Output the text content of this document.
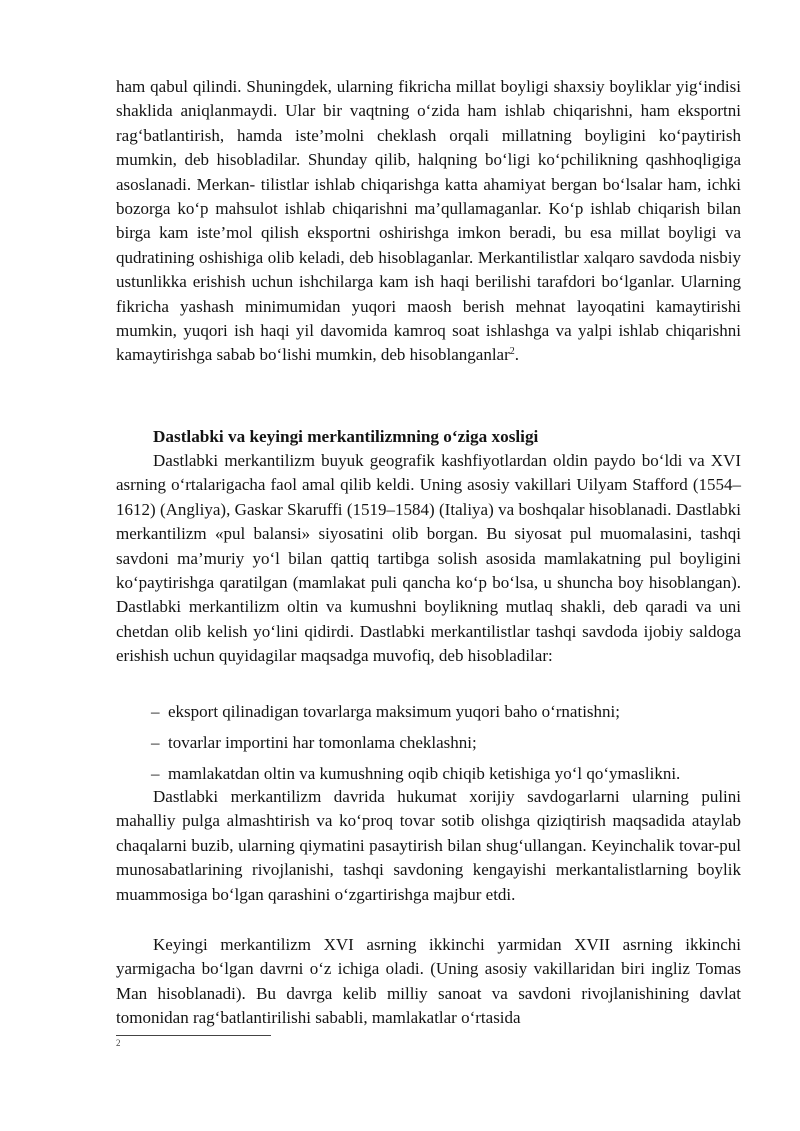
ham qabul qilindi. Shuningdek, ularning fikricha millat boyligi shaxsiy boyliklar yig‘indisi shaklida aniqlanmaydi. Ular bir vaqtning o‘zida ham ishlab chiqarishni, ham eksportni rag‘batlantirish, hamda iste’molni cheklash orqali millatning boyligini ko‘paytirish mumkin, deb hisobladilar. Shunday qilib, halqning bo‘ligi ko‘pchilikning qashhoqligiga asoslanadi. Merkan- tilistlar ishlab chiqarishga katta ahamiyat bergan bo‘lsalar ham, ichki bozorga ko‘p mahsulot ishlab chiqarishni ma’qullamaganlar. Ko‘p ishlab chiqarish bilan birga kam iste’mol qilish eksportni oshirishga imkon beradi, bu esa millat boyligi va qudratining oshishiga olib keladi, deb hisoblaganlar. Merkantilistlar xalqaro savdoda nisbiy ustunlikka erishish uchun ishchilarga kam ish haqi berilishi tarafdori bo‘lganlar. Ularning fikricha yashash minimumidan yuqori maosh berish mehnat layoqatini kamaytirishi mumkin, yuqori ish haqi yil davomida kamroq soat ishlashga va yalpi ishlab chiqarishni kamaytirishga sabab bo‘lishi mumkin, deb hisoblanganlar$^2$.

Dastlabki va keyingi merkantilizmning o‘ziga xosligi

Dastlabki merkantilizm buyuk geografik kashfiyotlardan oldin paydo bo‘ldi va XVI asrning o‘rtalarigacha faol amal qilib keldi. Uning asosiy vakillari Uilyam Stafford (1554–1612) (Angliya), Gaskar Skaruffi (1519–1584) (Italiya) va boshqalar hisoblanadi. Dastlabki merkantilizm «pul balansi» siyosatini olib borgan. Bu siyosat pul muomalasini, tashqi savdoni ma’muriy yo‘l bilan qattiq tartibga solish asosida mamlakatning pul boyligini ko‘paytirishga qaratilgan (mamlakat puli qancha ko‘p bo‘lsa, u shuncha boy hisoblangan). Dastlabki merkantilizm oltin va kumushni boylikning mutlaq shakli, deb qaradi va uni chetdan olib kelish yo‘lini qidirdi. Dastlabki merkantilistlar tashqi savdoda ijobiy saldoga erishish uchun quyidagilar maqsadga muvofiq, deb hisobladilar:

– eksport qilinadigan tovarlarga maksimum yuqori baho o‘rnatishni;
– tovarlar importini har tomonlama cheklashni;
– mamlakatdan oltin va kumushning oqib chiqib ketishiga yo‘l qo‘ymaslikni.

Dastlabki merkantilizm davrida hukumat xorijiy savdogarlarni ularning pulini mahalliy pulga almashtirish va ko‘proq tovar sotib olishga qiziqtirish maqsadida ataylab chaqalarni buzib, ularning qiymatini pasaytirish bilan shug‘ullangan. Keyinchalik tovar-pul munosabatlarining rivojlanishi, tashqi savdoning kengayishi merkantalistlarning boylik muammosiga bo‘lgan qarashini o‘zgartirishga majbur etdi.

Keyingi merkantilizm XVI asrning ikkinchi yarmidan XVII asrning ikkinchi yarmigacha bo‘lgan davrni o‘z ichiga oladi. (Uning asosiy vakillaridan biri ingliz Tomas Man hisoblanadi). Bu davrga kelib milliy sanoat va savdoni rivojlanishining davlat tomonidan rag‘batlantirilishi sababli, mamlakatlar o‘rtasida

2
